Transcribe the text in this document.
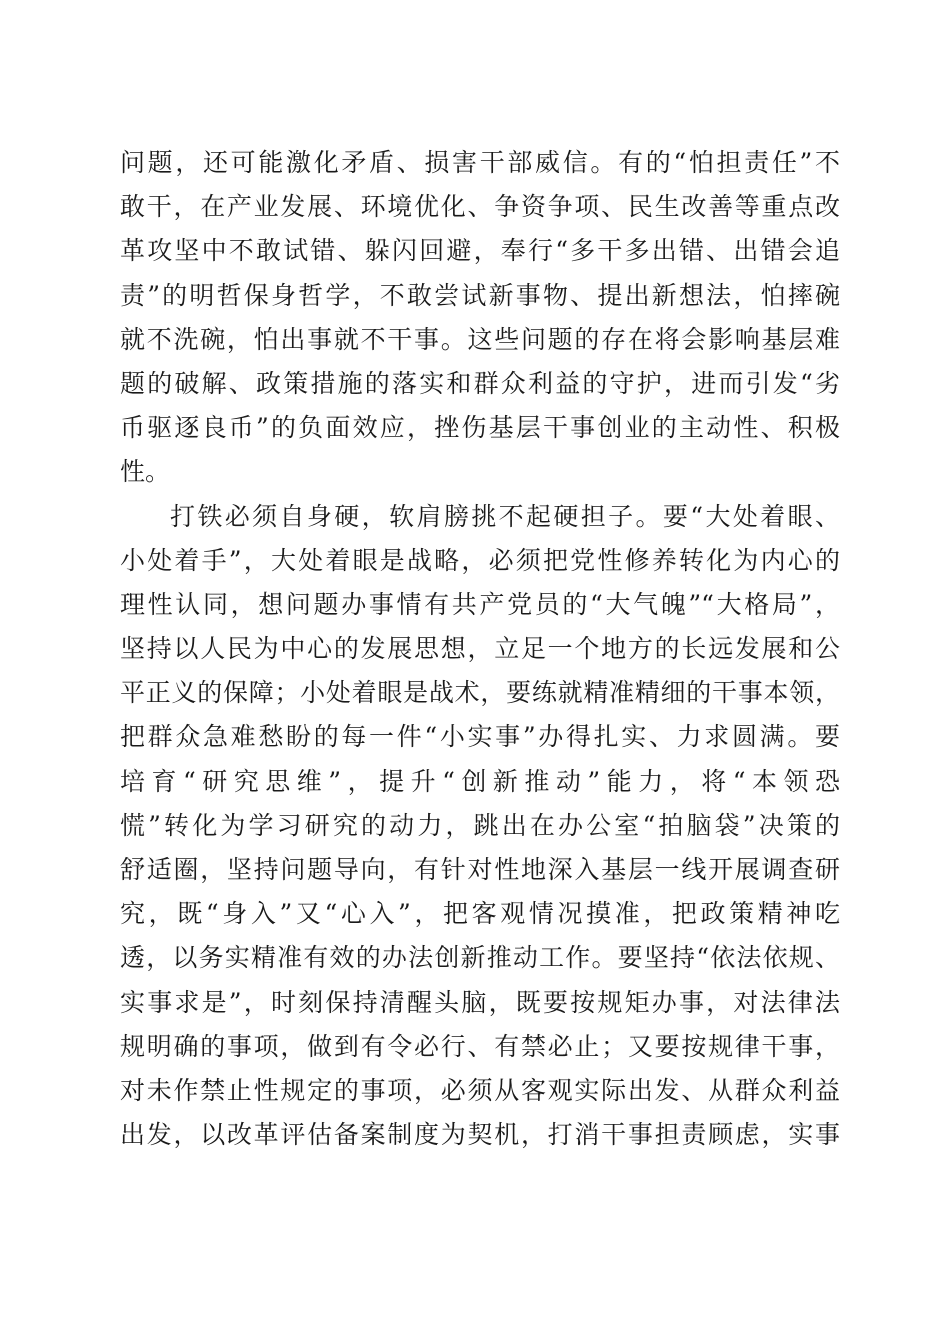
问题，还可能激化矛盾、损害干部威信。有的“怕担责任”不
敢干，在产业发展、环境优化、争资争项、民生改善等重点改
革攻坚中不敢试错、躲闪回避，奉行“多干多出错、出错会追
责”的明哲保身哲学，不敢尝试新事物、提出新想法，怕摔碗
就不洗碗，怕出事就不干事。这些问题的存在将会影响基层难
题的破解、政策措施的落实和群众利益的守护，进而引发“劣
币驱逐良币”的负面效应，挫伤基层干事创业的主动性、积极
性。
打铁必须自身硬，软肩膀挑不起硬担子。要“大处着眼、
小处着手”，大处着眼是战略，必须把党性修养转化为内心的
理性认同，想问题办事情有共产党员的“大气魄”“大格局”，
坚持以人民为中心的发展思想，立足一个地方的长远发展和公
平正义的保障；小处着眼是战术，要练就精准精细的干事本领，
把群众急难愁盼的每一件“小实事”办得扎实、力求圆满。要
培育“研究思维”，提升“创新推动”能力，将“本领恐
慌”转化为学习研究的动力，跳出在办公室“拍脑袋”决策的
舒适圈，坚持问题导向，有针对性地深入基层一线开展调查研
究，既“身入”又“心入”，把客观情况摸准，把政策精神吃
透，以务实精准有效的办法创新推动工作。要坚持“依法依规、
实事求是”，时刻保持清醒头脑，既要按规矩办事，对法律法
规明确的事项，做到有令必行、有禁必止；又要按规律干事，
对未作禁止性规定的事项，必须从客观实际出发、从群众利益
出发，以改革评估备案制度为契机，打消干事担责顾虑，实事
